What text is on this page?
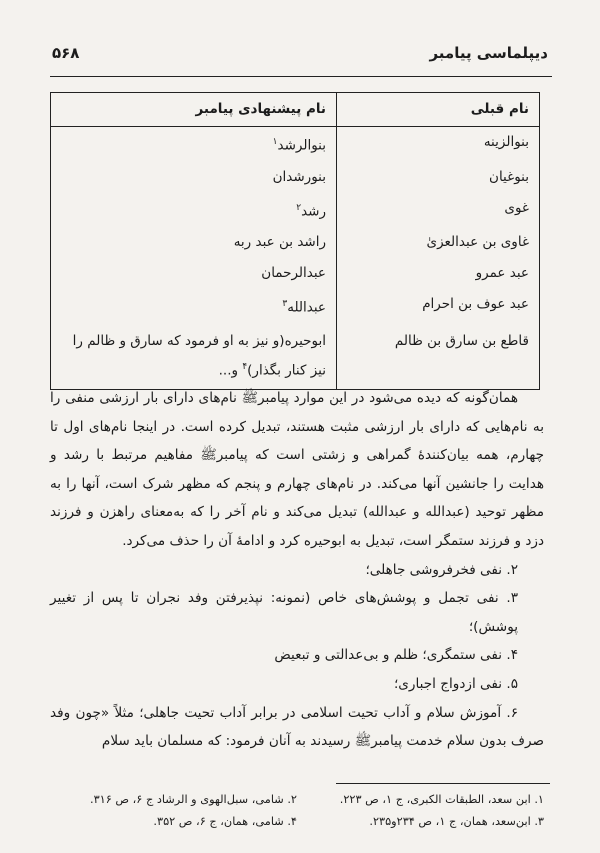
دیپلماسی پیامبر
۵۶۸
نام قبلی	نام پیشنهادی پیامبر
بنوالزینه	بنوالرشد$^۱$
بنوغیان	بنورشدان
غوی	رشد$^۲$
غاوی بن عبدالعزیٰ	راشد بن عبد ربه
عبد عمرو	عبدالرحمان
عبد عوف بن احرام	عبدالله$^۳$
قاطع بن سارق بن ظالم	ابوحیره(و نیز به او فرمود که سارق و ظالم را
نیز کنار بگذار)$^۴$ و...

همان‌گونه که دیده می‌شود در این موارد پیامبرﷺ نام‌های دارای بار ارزشی منفی را به نام‌هایی که دارای بار ارزشی مثبت هستند، تبدیل کرده است. در اینجا نام‌های اول تا چهارم، همه بیان‌کنندهٔ گمراهی و زشتی است که پیامبرﷺ مفاهیم مرتبط با رشد و هدایت را جانشین آنها می‌کند. در نام‌های چهارم و پنجم که مظهر شرک است، آنها را به مظهر توحید (عبدالله و عبدالله) تبدیل می‌کند و نام آخر را که به‌معنای راهزن و فرزند دزد و فرزند ستمگر است، تبدیل به ابوحیره کرد و ادامهٔ آن را حذف می‌کرد.

۲. نفی فخرفروشی جاهلی؛

۳. نفی تجمل و پوشش‌های خاص (نمونه: نپذیرفتن وفد نجران تا پس از تغییر پوشش)؛

۴. نفی ستمگری؛ ظلم و بی‌عدالتی و تبعیض

۵. نفی ازدواج اجباری؛

۶. آموزش سلام و آداب تحیت اسلامی در برابر آداب تحیت جاهلی؛ مثلاً «چون وفد صرف بدون سلام خدمت پیامبرﷺ رسیدند به آنان فرمود: که مسلمان باید سلام

۱. ابن سعد، الطبقات الکبری، ج ۱، ص ۲۲۳.
۲. شامی، سبل‌الهوی و الرشاد ج ۶، ص ۳۱۶.
۳. ابن‌سعد، همان، ج ۱، ص ۲۳۴و۲۳۵.
۴. شامی، همان، ج ۶، ص ۳۵۲.
